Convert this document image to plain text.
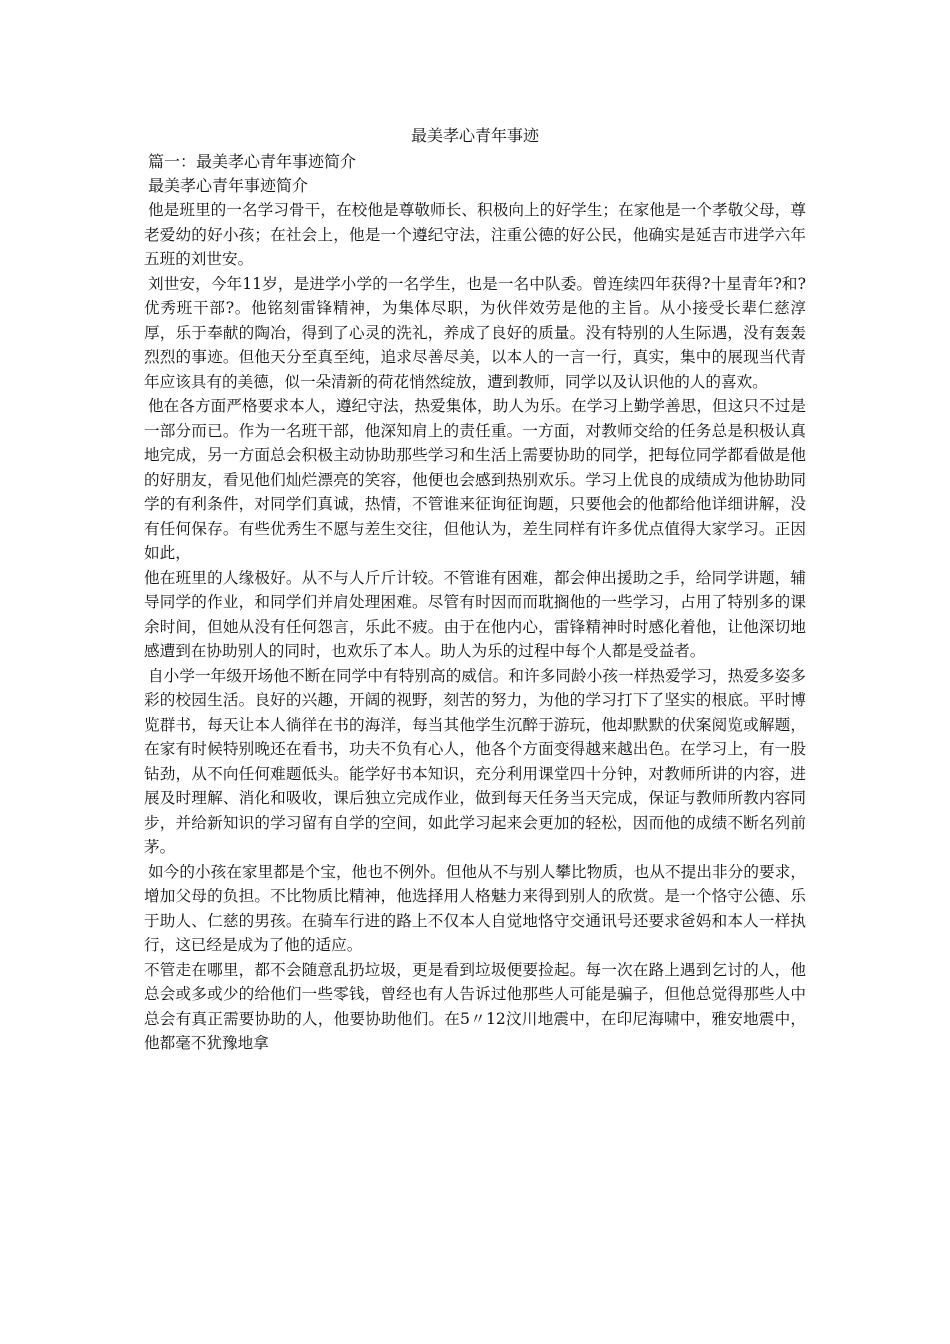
最美孝心青年事迹

篇一：最美孝心青年事迹简介

最美孝心青年事迹简介

他是班里的一名学习骨干，在校他是尊敬师长、积极向上的好学生；在家他是一个孝敬父母，尊老爱幼的好小孩；在社会上，他是一个遵纪守法，注重公德的好公民，他确实是延吉市进学六年五班的刘世安。

刘世安，今年11岁，是进学小学的一名学生，也是一名中队委。曾连续四年获得?十星青年?和?优秀班干部?。他铭刻雷锋精神，为集体尽职，为伙伴效劳是他的主旨。从小接受长辈仁慈淳厚，乐于奉献的陶冶，得到了心灵的洗礼，养成了良好的质量。没有特别的人生际遇，没有轰轰烈烈的事迹。但他天分至真至纯，追求尽善尽美，以本人的一言一行，真实，集中的展现当代青年应该具有的美德，似一朵清新的荷花悄然绽放，遭到教师，同学以及认识他的人的喜欢。

他在各方面严格要求本人，遵纪守法，热爱集体，助人为乐。在学习上勤学善思，但这只不过是一部分而已。作为一名班干部，他深知肩上的责任重。一方面，对教师交给的任务总是积极认真地完成，另一方面总会积极主动协助那些学习和生活上需要协助的同学，把每位同学都看做是他的好朋友，看见他们灿烂漂亮的笑容，他便也会感到热别欢乐。学习上优良的成绩成为他协助同学的有利条件，对同学们真诚，热情，不管谁来征询征询题，只要他会的他都给他详细讲解，没有任何保存。有些优秀生不愿与差生交往，但他认为，差生同样有许多优点值得大家学习。正因如此，

他在班里的人缘极好。从不与人斤斤计较。不管谁有困难，都会伸出援助之手，给同学讲题，辅导同学的作业，和同学们并肩处理困难。尽管有时因而而耽搁他的一些学习，占用了特别多的课余时间，但她从没有任何怨言，乐此不疲。由于在他内心，雷锋精神时时感化着他，让他深切地感遭到在协助别人的同时，也欢乐了本人。助人为乐的过程中每个人都是受益者。

自小学一年级开场他不断在同学中有特别高的威信。和许多同龄小孩一样热爱学习，热爱多姿多彩的校园生活。良好的兴趣，开阔的视野，刻苦的努力，为他的学习打下了坚实的根底。平时博览群书，每天让本人徜徉在书的海洋，每当其他学生沉醉于游玩，他却默默的伏案阅览或解题，在家有时候特别晚还在看书，功夫不负有心人，他各个方面变得越来越出色。在学习上，有一股钻劲，从不向任何难题低头。能学好书本知识，充分利用课堂四十分钟，对教师所讲的内容，进展及时理解、消化和吸收，课后独立完成作业，做到每天任务当天完成，保证与教师所教内容同步，并给新知识的学习留有自学的空间，如此学习起来会更加的轻松，因而他的成绩不断名列前茅。

如今的小孩在家里都是个宝，他也不例外。但他从不与别人攀比物质，也从不提出非分的要求，增加父母的负担。不比物质比精神，他选择用人格魅力来得到别人的欣赏。是一个恪守公德、乐于助人、仁慈的男孩。在骑车行进的路上不仅本人自觉地恪守交通讯号还要求爸妈和本人一样执行，这已经是成为了他的适应。

不管走在哪里，都不会随意乱扔垃圾，更是看到垃圾便要捡起。每一次在路上遇到乞讨的人，他总会或多或少的给他们一些零钱，曾经也有人告诉过他那些人可能是骗子，但他总觉得那些人中总会有真正需要协助的人，他要协助他们。在5〃12汶川地震中，在印尼海啸中，雅安地震中，他都毫不犹豫地拿
